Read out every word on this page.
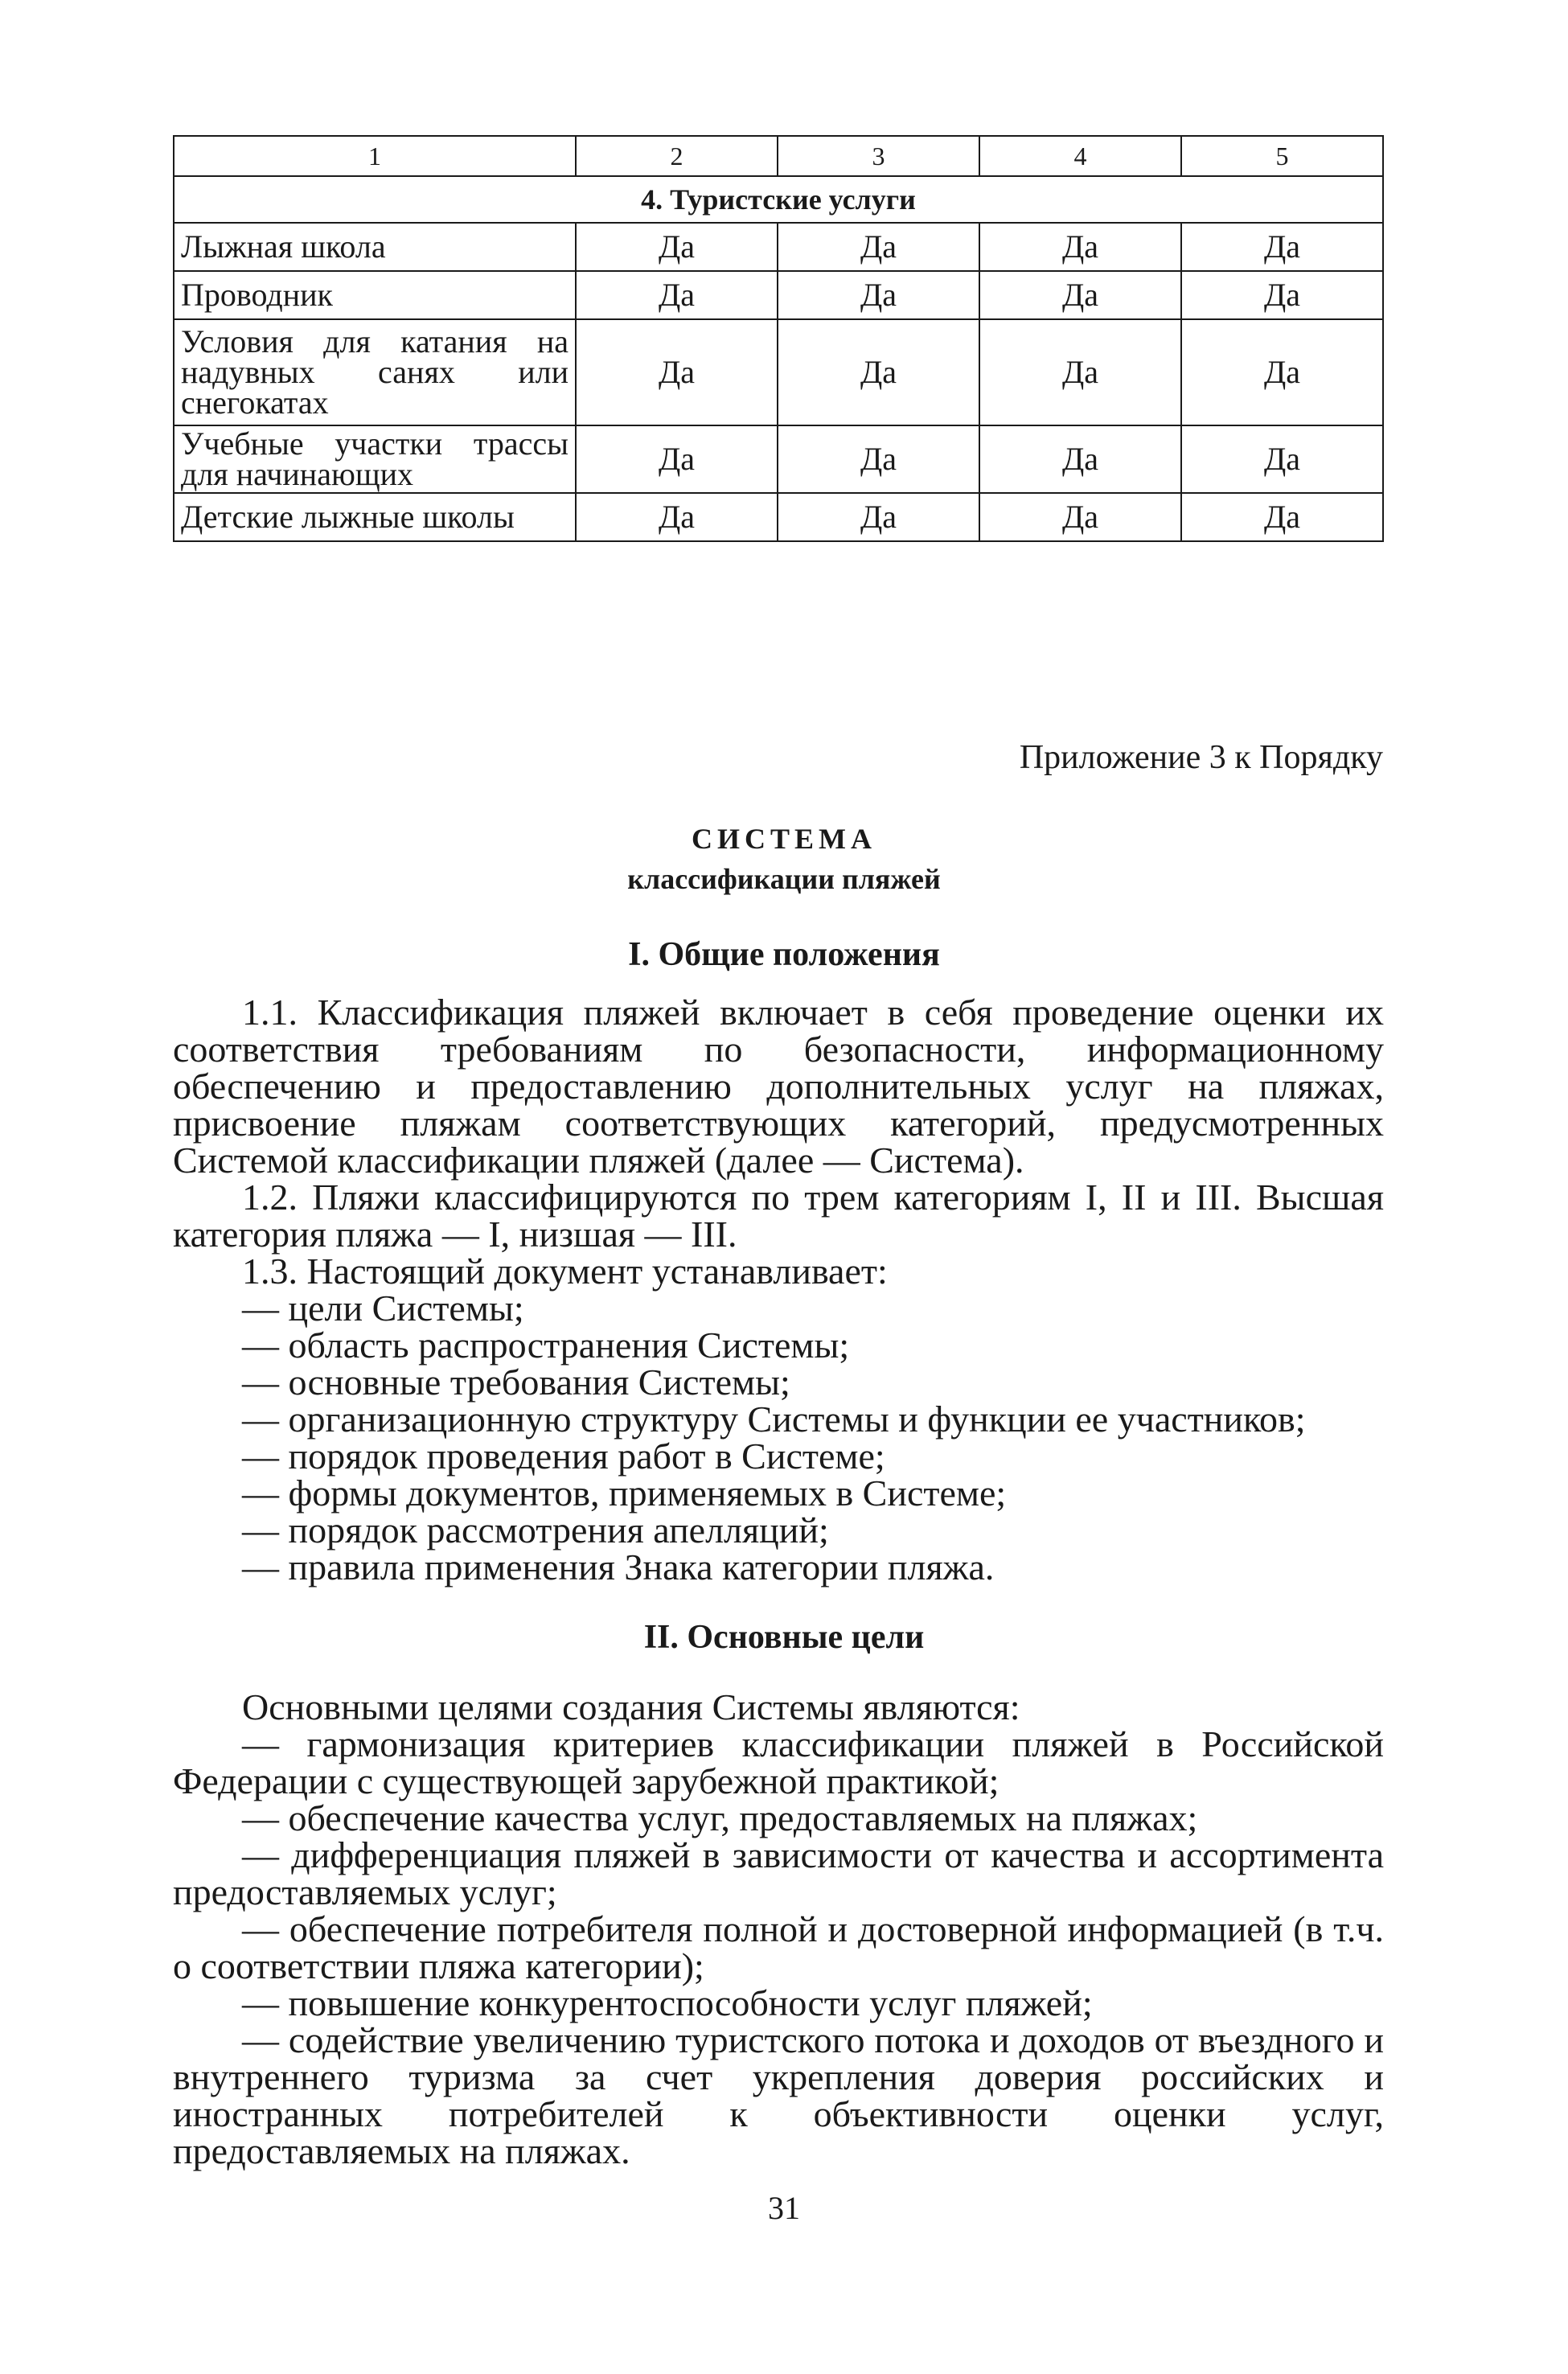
1	2	3	4	5
4. Туристские услуги				
Лыжная школа	Да	Да	Да	Да
Проводник	Да	Да	Да	Да
Условия для катания на надувных санях или снегокатах	Да	Да	Да	Да
Учебные участки трассы для начинающих	Да	Да	Да	Да
Детские лыжные школы	Да	Да	Да	Да
Приложение 3 к Порядку
СИСТЕМА
классификации пляжей
I. Общие положения

1.1. Классификация пляжей включает в себя проведение оценки их соответствия требованиям по безопасности, информационному обеспечению и предоставлению дополнительных услуг на пляжах, присвоение пляжам соответствующих категорий, предусмотренных Системой классификации пляжей (далее — Система).

1.2. Пляжи классифицируются по трем категориям I, II и III. Высшая категория пляжа — I, низшая — III.

1.3. Настоящий документ устанавливает:

— цели Системы;

— область распространения Системы;

— основные требования Системы;

— организационную структуру Системы и функции ее участников;

— порядок проведения работ в Системе;

— формы документов, применяемых в Системе;

— порядок рассмотрения апелляций;

— правила применения Знака категории пляжа.

II. Основные цели

Основными целями создания Системы являются:

— гармонизация критериев классификации пляжей в Российской Федерации с существующей зарубежной практикой;

— обеспечение качества услуг, предоставляемых на пляжах;

— дифференциация пляжей в зависимости от качества и ассортимента предоставляемых услуг;

— обеспечение потребителя полной и достоверной информацией (в т.ч. о соответствии пляжа категории);

— повышение конкурентоспособности услуг пляжей;

— содействие увеличению туристского потока и доходов от въездного и внутреннего туризма за счет укрепления доверия российских и иностранных потребителей к объективности оценки услуг, предоставляемых на пляжах.

31
